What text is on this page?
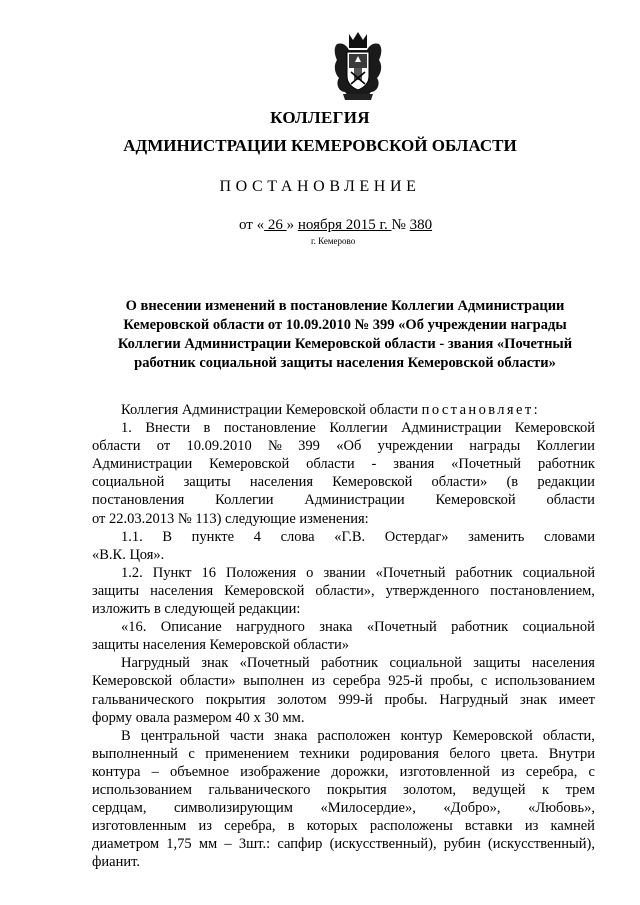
КОЛЛЕГИЯ
АДМИНИСТРАЦИИ КЕМЕРОВСКОЙ ОБЛАСТИ
ПОСТАНОВЛЕНИЕ
от « 26 » ноября 2015 г. № 380
г. Кемерово
О внесении изменений в постановление Коллегии Администрации
Кемеровской области от 10.09.2010 № 399 «Об учреждении награды
Коллегии Администрации Кемеровской области - звания «Почетный
работник социальной защиты населения Кемеровской области»
Коллегия Администрации Кемеровской области постановляет:
1. Внести в постановление Коллегии Администрации Кемеровской
области от 10.09.2010 № 399 «Об учреждении награды Коллегии
Администрации Кемеровской области - звания «Почетный работник
социальной защиты населения Кемеровской области» (в редакции
постановления Коллегии Администрации Кемеровской области
от 22.03.2013 № 113) следующие изменения:
1.1. В пункте 4 слова «Г.В. Остердаг» заменить словами
«В.К. Цоя».
1.2. Пункт 16 Положения о звании «Почетный работник социальной
защиты населения Кемеровской области», утвержденного постановлением,
изложить в следующей редакции:
«16. Описание нагрудного знака «Почетный работник социальной
защиты населения Кемеровской области»
Нагрудный знак «Почетный работник социальной защиты населения
Кемеровской области» выполнен из серебра 925-й пробы, с использованием
гальванического покрытия золотом 999-й пробы. Нагрудный знак имеет
форму овала размером 40 х 30 мм.
В центральной части знака расположен контур Кемеровской области,
выполненный с применением техники родирования белого цвета. Внутри
контура – объемное изображение дорожки, изготовленной из серебра, с
использованием гальванического покрытия золотом, ведущей к трем
сердцам, символизирующим «Милосердие», «Добро», «Любовь»,
изготовленным из серебра, в которых расположены вставки из камней
диаметром 1,75 мм – 3шт.: сапфир (искусственный), рубин (искусственный),
фианит.
